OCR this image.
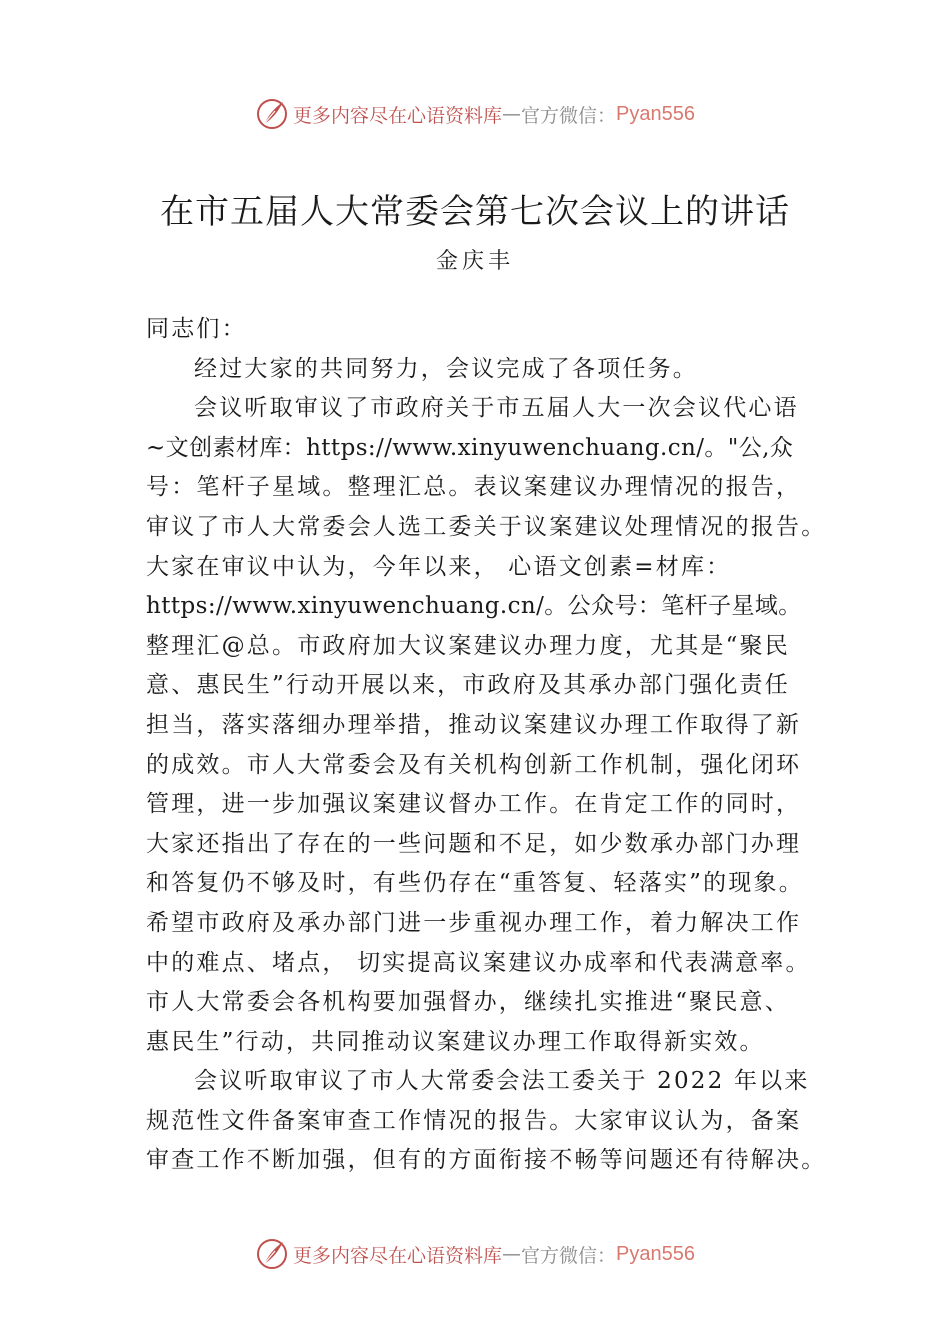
更多内容尽在心语资料库 — 官方微信： Pyan556
在市五届人大常委会第七次会议上的讲话
金庆丰
同志们：
经过大家的共同努力，会议完成了各项任务。
会议听取审议了市政府关于市五届人大一次会议代心语
~文创素材库：https://www.xinyuwenchuang.cn/。"公,众
号：笔杆子星域。整理汇总。表议案建议办理情况的报告，
审议了市人大常委会人选工委关于议案建议处理情况的报告。
大家在审议中认为，今年以来， 心语文创素=材库：
https://www.xinyuwenchuang.cn/。公众号：笔杆子星域。
整理汇@总。市政府加大议案建议办理力度，尤其是“聚民
意、惠民生”行动开展以来，市政府及其承办部门强化责任
担当，落实落细办理举措，推动议案建议办理工作取得了新
的成效。市人大常委会及有关机构创新工作机制，强化闭环
管理，进一步加强议案建议督办工作。在肯定工作的同时，
大家还指出了存在的一些问题和不足，如少数承办部门办理
和答复仍不够及时，有些仍存在“重答复、轻落实”的现象。
希望市政府及承办部门进一步重视办理工作，着力解决工作
中的难点、堵点， 切实提高议案建议办成率和代表满意率。
市人大常委会各机构要加强督办，继续扎实推进“聚民意、
惠民生”行动，共同推动议案建议办理工作取得新实效。
会议听取审议了市人大常委会法工委关于 2022 年以来
规范性文件备案审查工作情况的报告。大家审议认为，备案
审查工作不断加强，但有的方面衔接不畅等问题还有待解决。
更多内容尽在心语资料库 — 官方微信： Pyan556
